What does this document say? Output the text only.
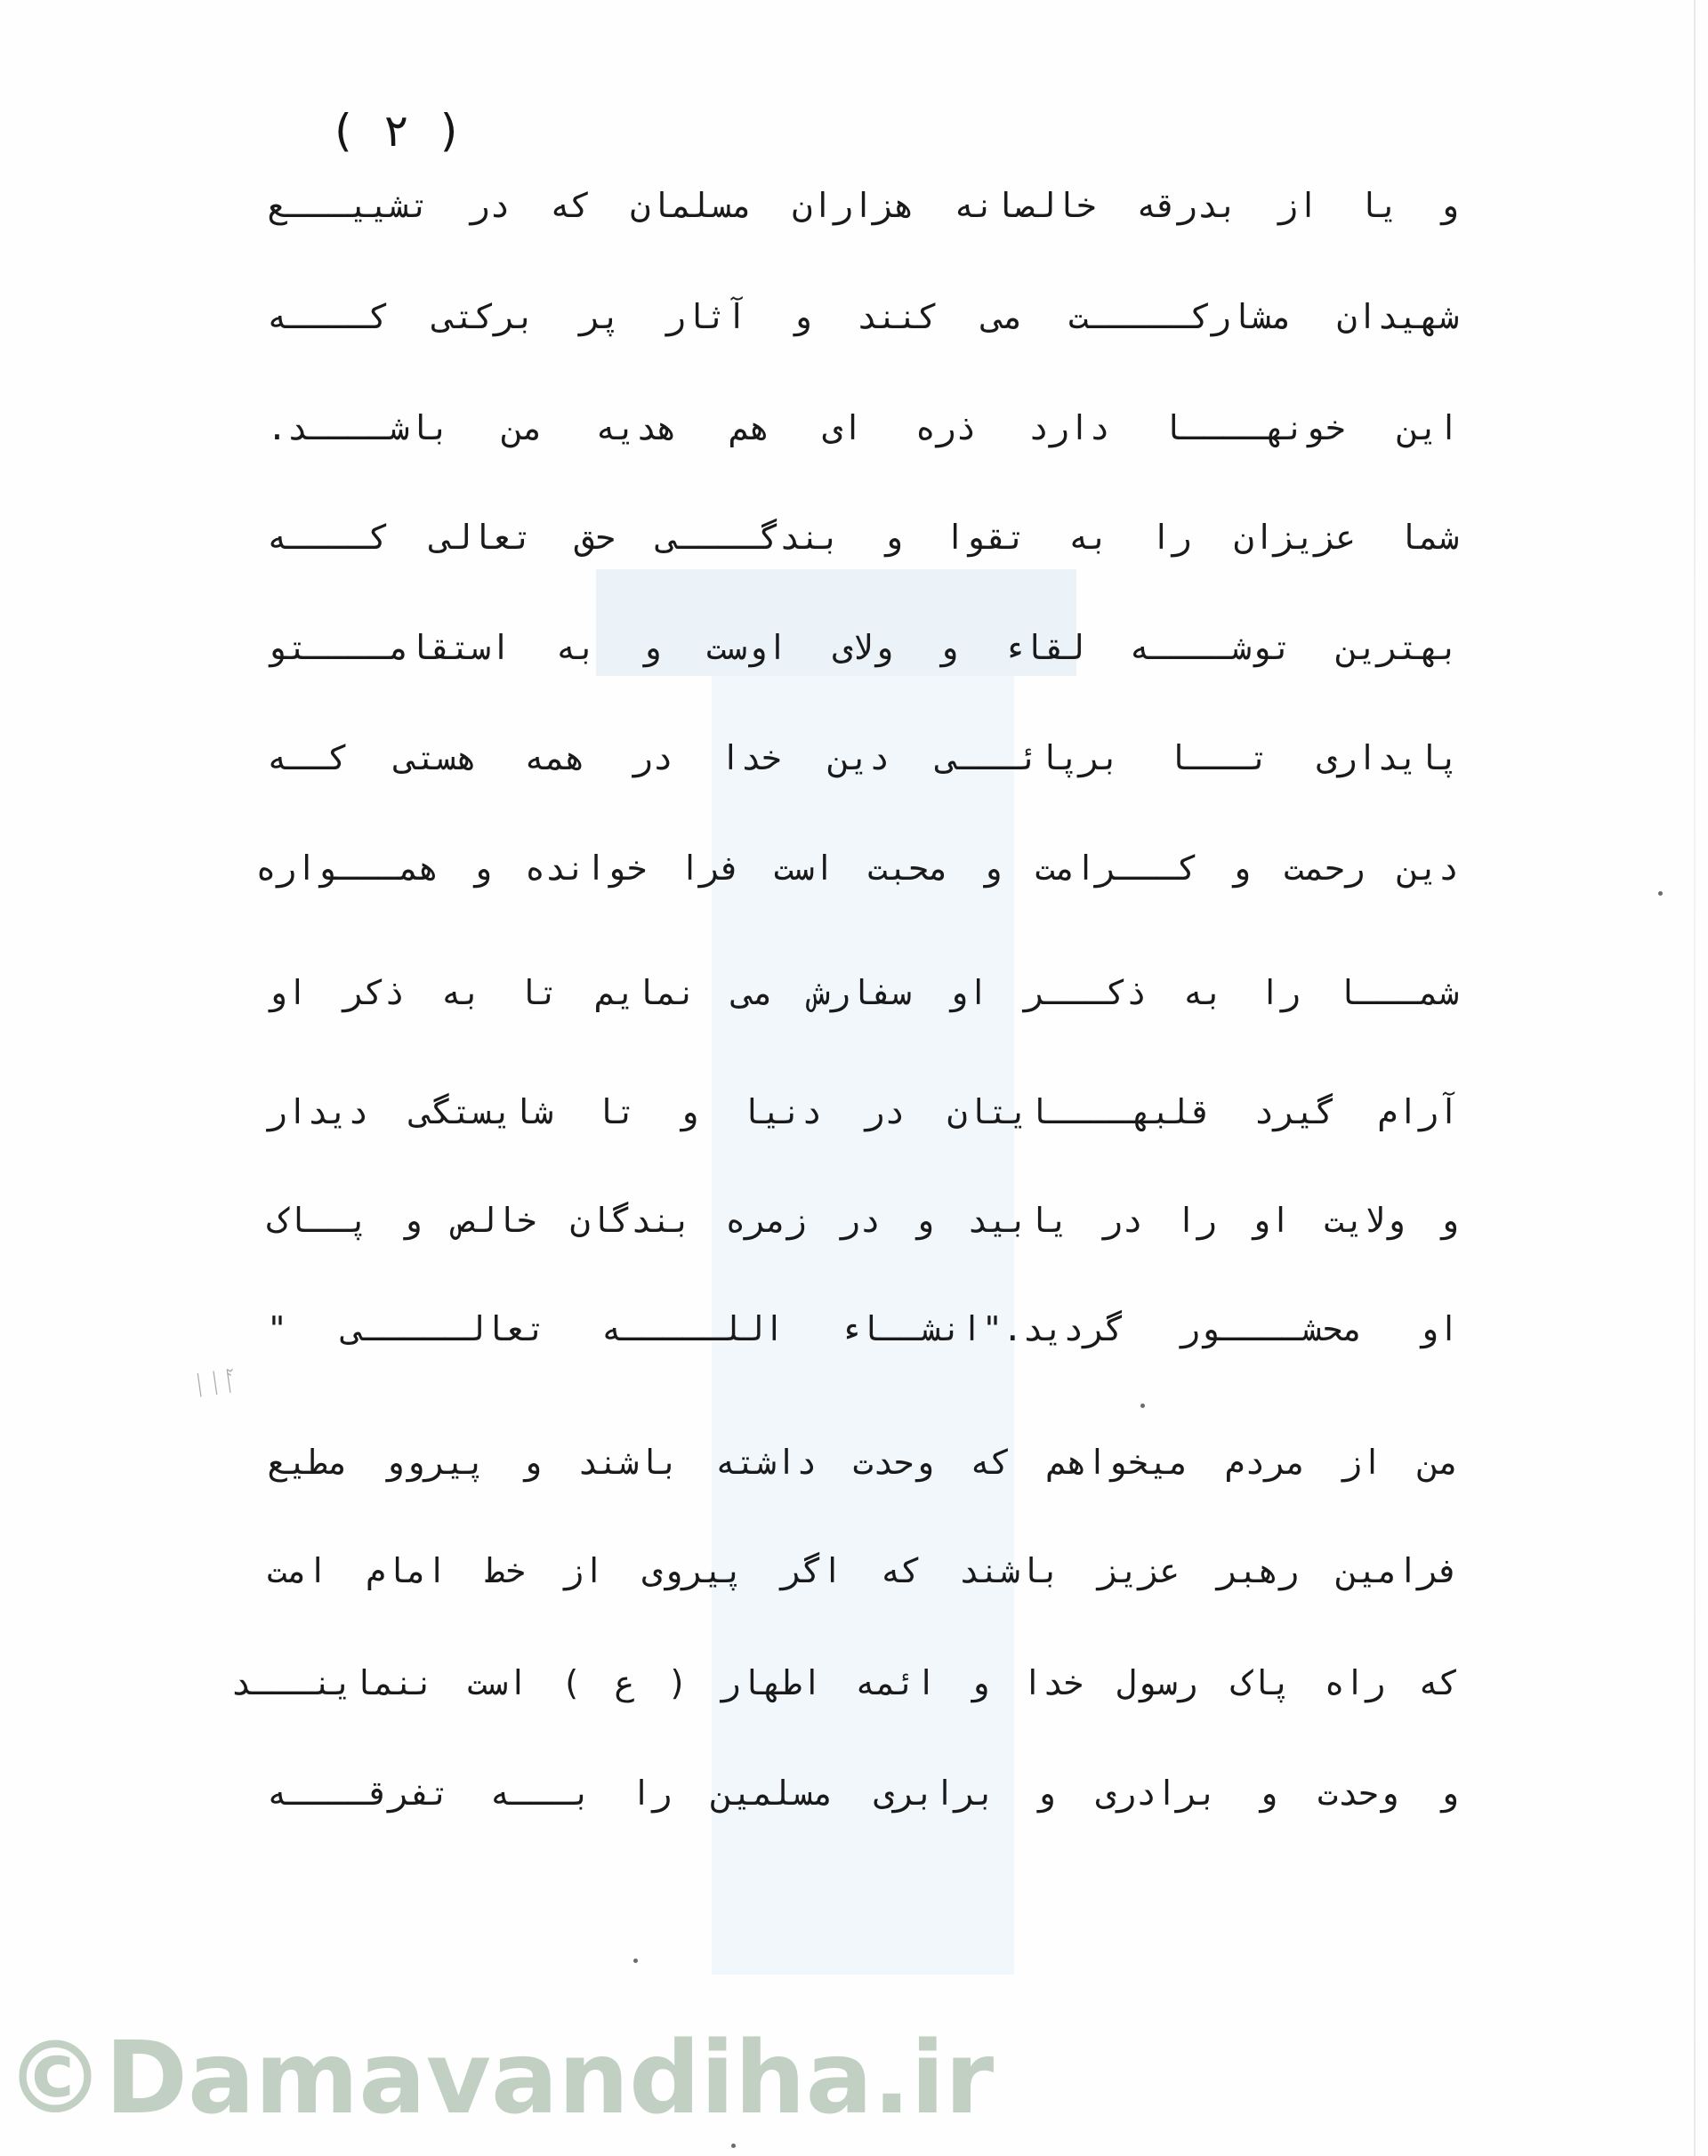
( ۲ )
و یا از بدرقه خالصانه هزاران مسلمان که در تشییـــع
شهیدان مشارکـــــت می کنند و آثار پر برکتی کــــه
این خونهــــا دارد ذره ای هم هدیه من باشــــد.
شما عزیزان را به تقوا و بندگــــی حق تعالی کــــه
بهترین توشــــه لقاء و ولای اوست و به استقامــــتو
پایداری تـــا برپائـــی دین خدا در همه هستی کــه
دین رحمت و کـــرامت و محبت است فرا خوانده و همـــواره
شمـــا را به ذکـــر او سفارش می نمایم تا به ذکر او
آرام گیرد قلبهــــایتان در دنیا و تا شایستگی دیدار
و ولایت او را در یابید و در زمره بندگان خالص و پــاک
او محشــــور گردید."انشــاء اللـــــه تعالـــــی "
من از مردم میخواهم که وحدت داشته باشند و پیروو مطیع
فرامین رهبر عزیز باشند که اگر پیروی از خط امام امت
که راه پاک رسول خدا و ائمه اطهار ( ع ) است ننماینـــد
و وحدت و برادری و برابری مسلمین را بـــه تفرقــــه
ᛁᛁᚪ
©Damavandiha.ir
